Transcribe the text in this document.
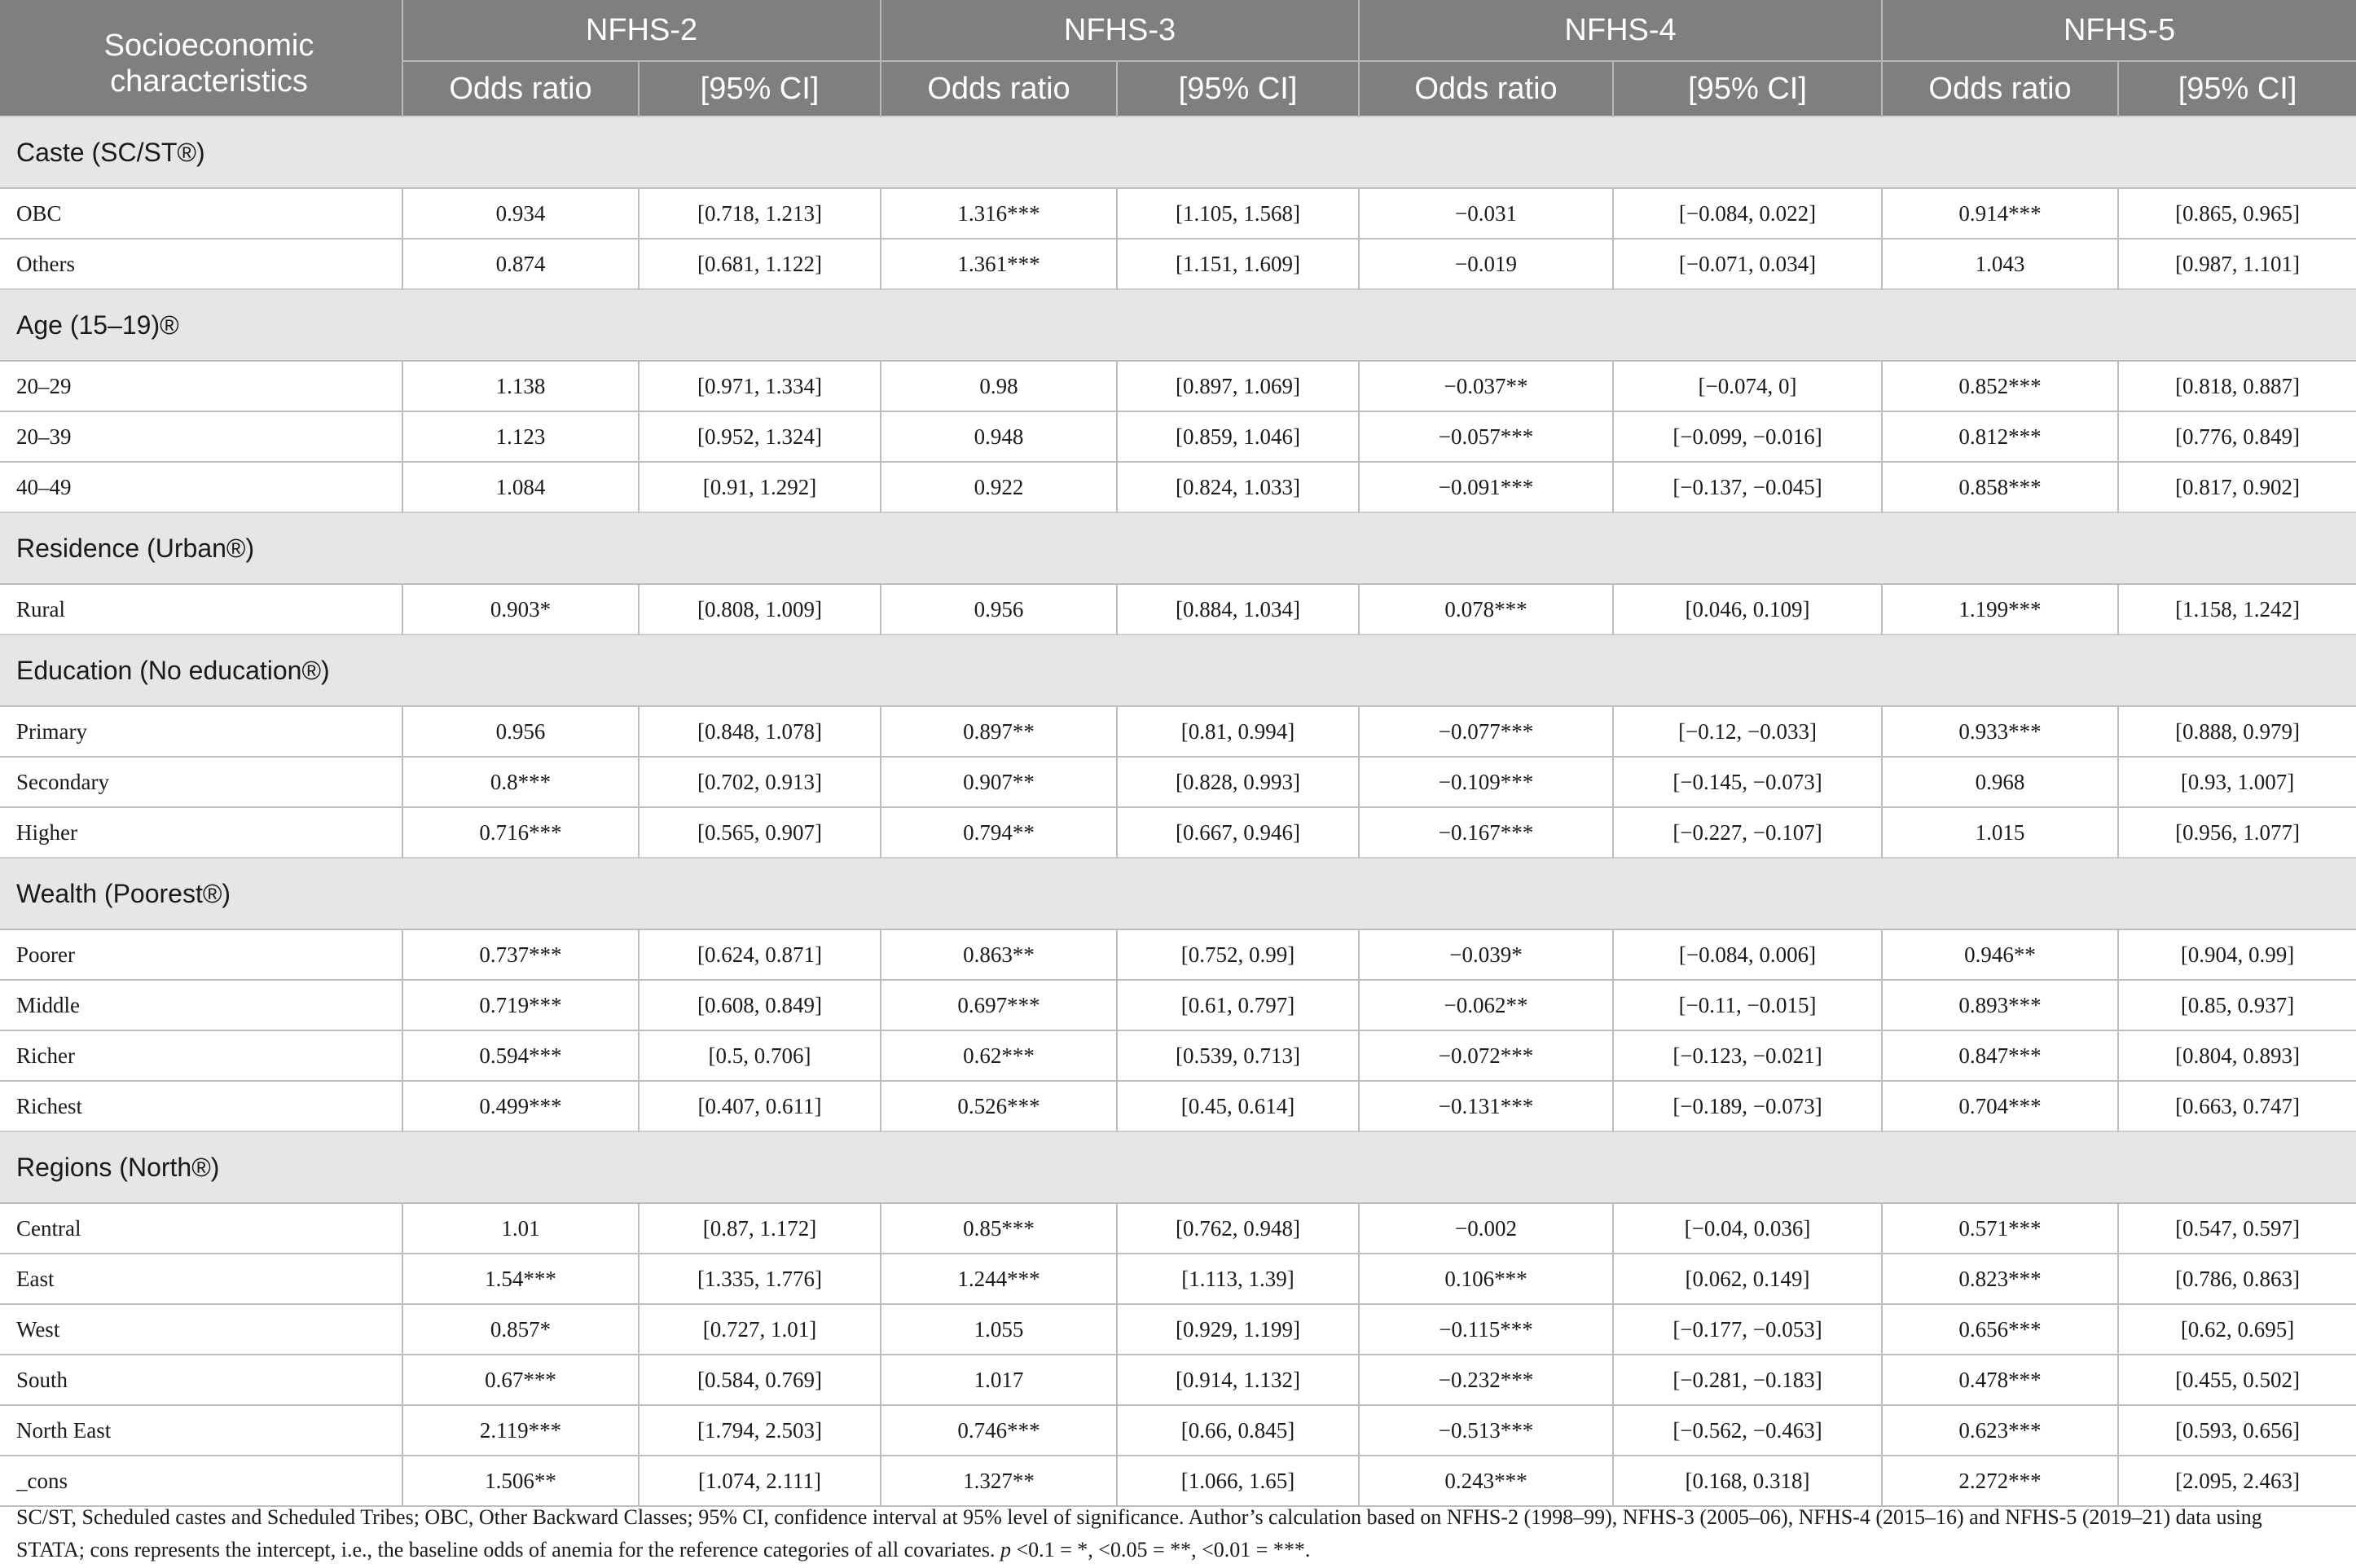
Socioeconomic characteristics	NFHS-2		NFHS-3		NFHS-4		NFHS-5	
	Odds ratio	[95% CI]	Odds ratio	[95% CI]	Odds ratio	[95% CI]	Odds ratio	[95% CI]
Caste (SC/ST®)								
OBC	0.934	[0.718, 1.213]	1.316***	[1.105, 1.568]	−0.031	[−0.084, 0.022]	0.914***	[0.865, 0.965]
Others	0.874	[0.681, 1.122]	1.361***	[1.151, 1.609]	−0.019	[−0.071, 0.034]	1.043	[0.987, 1.101]
Age (15–19)®								
20–29	1.138	[0.971, 1.334]	0.98	[0.897, 1.069]	−0.037**	[−0.074, 0]	0.852***	[0.818, 0.887]
20–39	1.123	[0.952, 1.324]	0.948	[0.859, 1.046]	−0.057***	[−0.099, −0.016]	0.812***	[0.776, 0.849]
40–49	1.084	[0.91, 1.292]	0.922	[0.824, 1.033]	−0.091***	[−0.137, −0.045]	0.858***	[0.817, 0.902]
Residence (Urban®)								
Rural	0.903*	[0.808, 1.009]	0.956	[0.884, 1.034]	0.078***	[0.046, 0.109]	1.199***	[1.158, 1.242]
Education (No education®)								
Primary	0.956	[0.848, 1.078]	0.897**	[0.81, 0.994]	−0.077***	[−0.12, −0.033]	0.933***	[0.888, 0.979]
Secondary	0.8***	[0.702, 0.913]	0.907**	[0.828, 0.993]	−0.109***	[−0.145, −0.073]	0.968	[0.93, 1.007]
Higher	0.716***	[0.565, 0.907]	0.794**	[0.667, 0.946]	−0.167***	[−0.227, −0.107]	1.015	[0.956, 1.077]
Wealth (Poorest®)								
Poorer	0.737***	[0.624, 0.871]	0.863**	[0.752, 0.99]	−0.039*	[−0.084, 0.006]	0.946**	[0.904, 0.99]
Middle	0.719***	[0.608, 0.849]	0.697***	[0.61, 0.797]	−0.062**	[−0.11, −0.015]	0.893***	[0.85, 0.937]
Richer	0.594***	[0.5, 0.706]	0.62***	[0.539, 0.713]	−0.072***	[−0.123, −0.021]	0.847***	[0.804, 0.893]
Richest	0.499***	[0.407, 0.611]	0.526***	[0.45, 0.614]	−0.131***	[−0.189, −0.073]	0.704***	[0.663, 0.747]
Regions (North®)								
Central	1.01	[0.87, 1.172]	0.85***	[0.762, 0.948]	−0.002	[−0.04, 0.036]	0.571***	[0.547, 0.597]
East	1.54***	[1.335, 1.776]	1.244***	[1.113, 1.39]	0.106***	[0.062, 0.149]	0.823***	[0.786, 0.863]
West	0.857*	[0.727, 1.01]	1.055	[0.929, 1.199]	−0.115***	[−0.177, −0.053]	0.656***	[0.62, 0.695]
South	0.67***	[0.584, 0.769]	1.017	[0.914, 1.132]	−0.232***	[−0.281, −0.183]	0.478***	[0.455, 0.502]
North East	2.119***	[1.794, 2.503]	0.746***	[0.66, 0.845]	−0.513***	[−0.562, −0.463]	0.623***	[0.593, 0.656]
_cons	1.506**	[1.074, 2.111]	1.327**	[1.066, 1.65]	0.243***	[0.168, 0.318]	2.272***	[2.095, 2.463]
SC/ST, Scheduled castes and Scheduled Tribes; OBC, Other Backward Classes; 95% CI, confidence interval at 95% level of significance. Author’s calculation based on NFHS-2 (1998–99), NFHS-3 (2005–06), NFHS-4 (2015–16) and NFHS-5 (2019–21) data using
STATA; cons represents the intercept, i.e., the baseline odds of anemia for the reference categories of all covariates. p <0.1 = *, <0.05 = **, <0.01 = ***.
